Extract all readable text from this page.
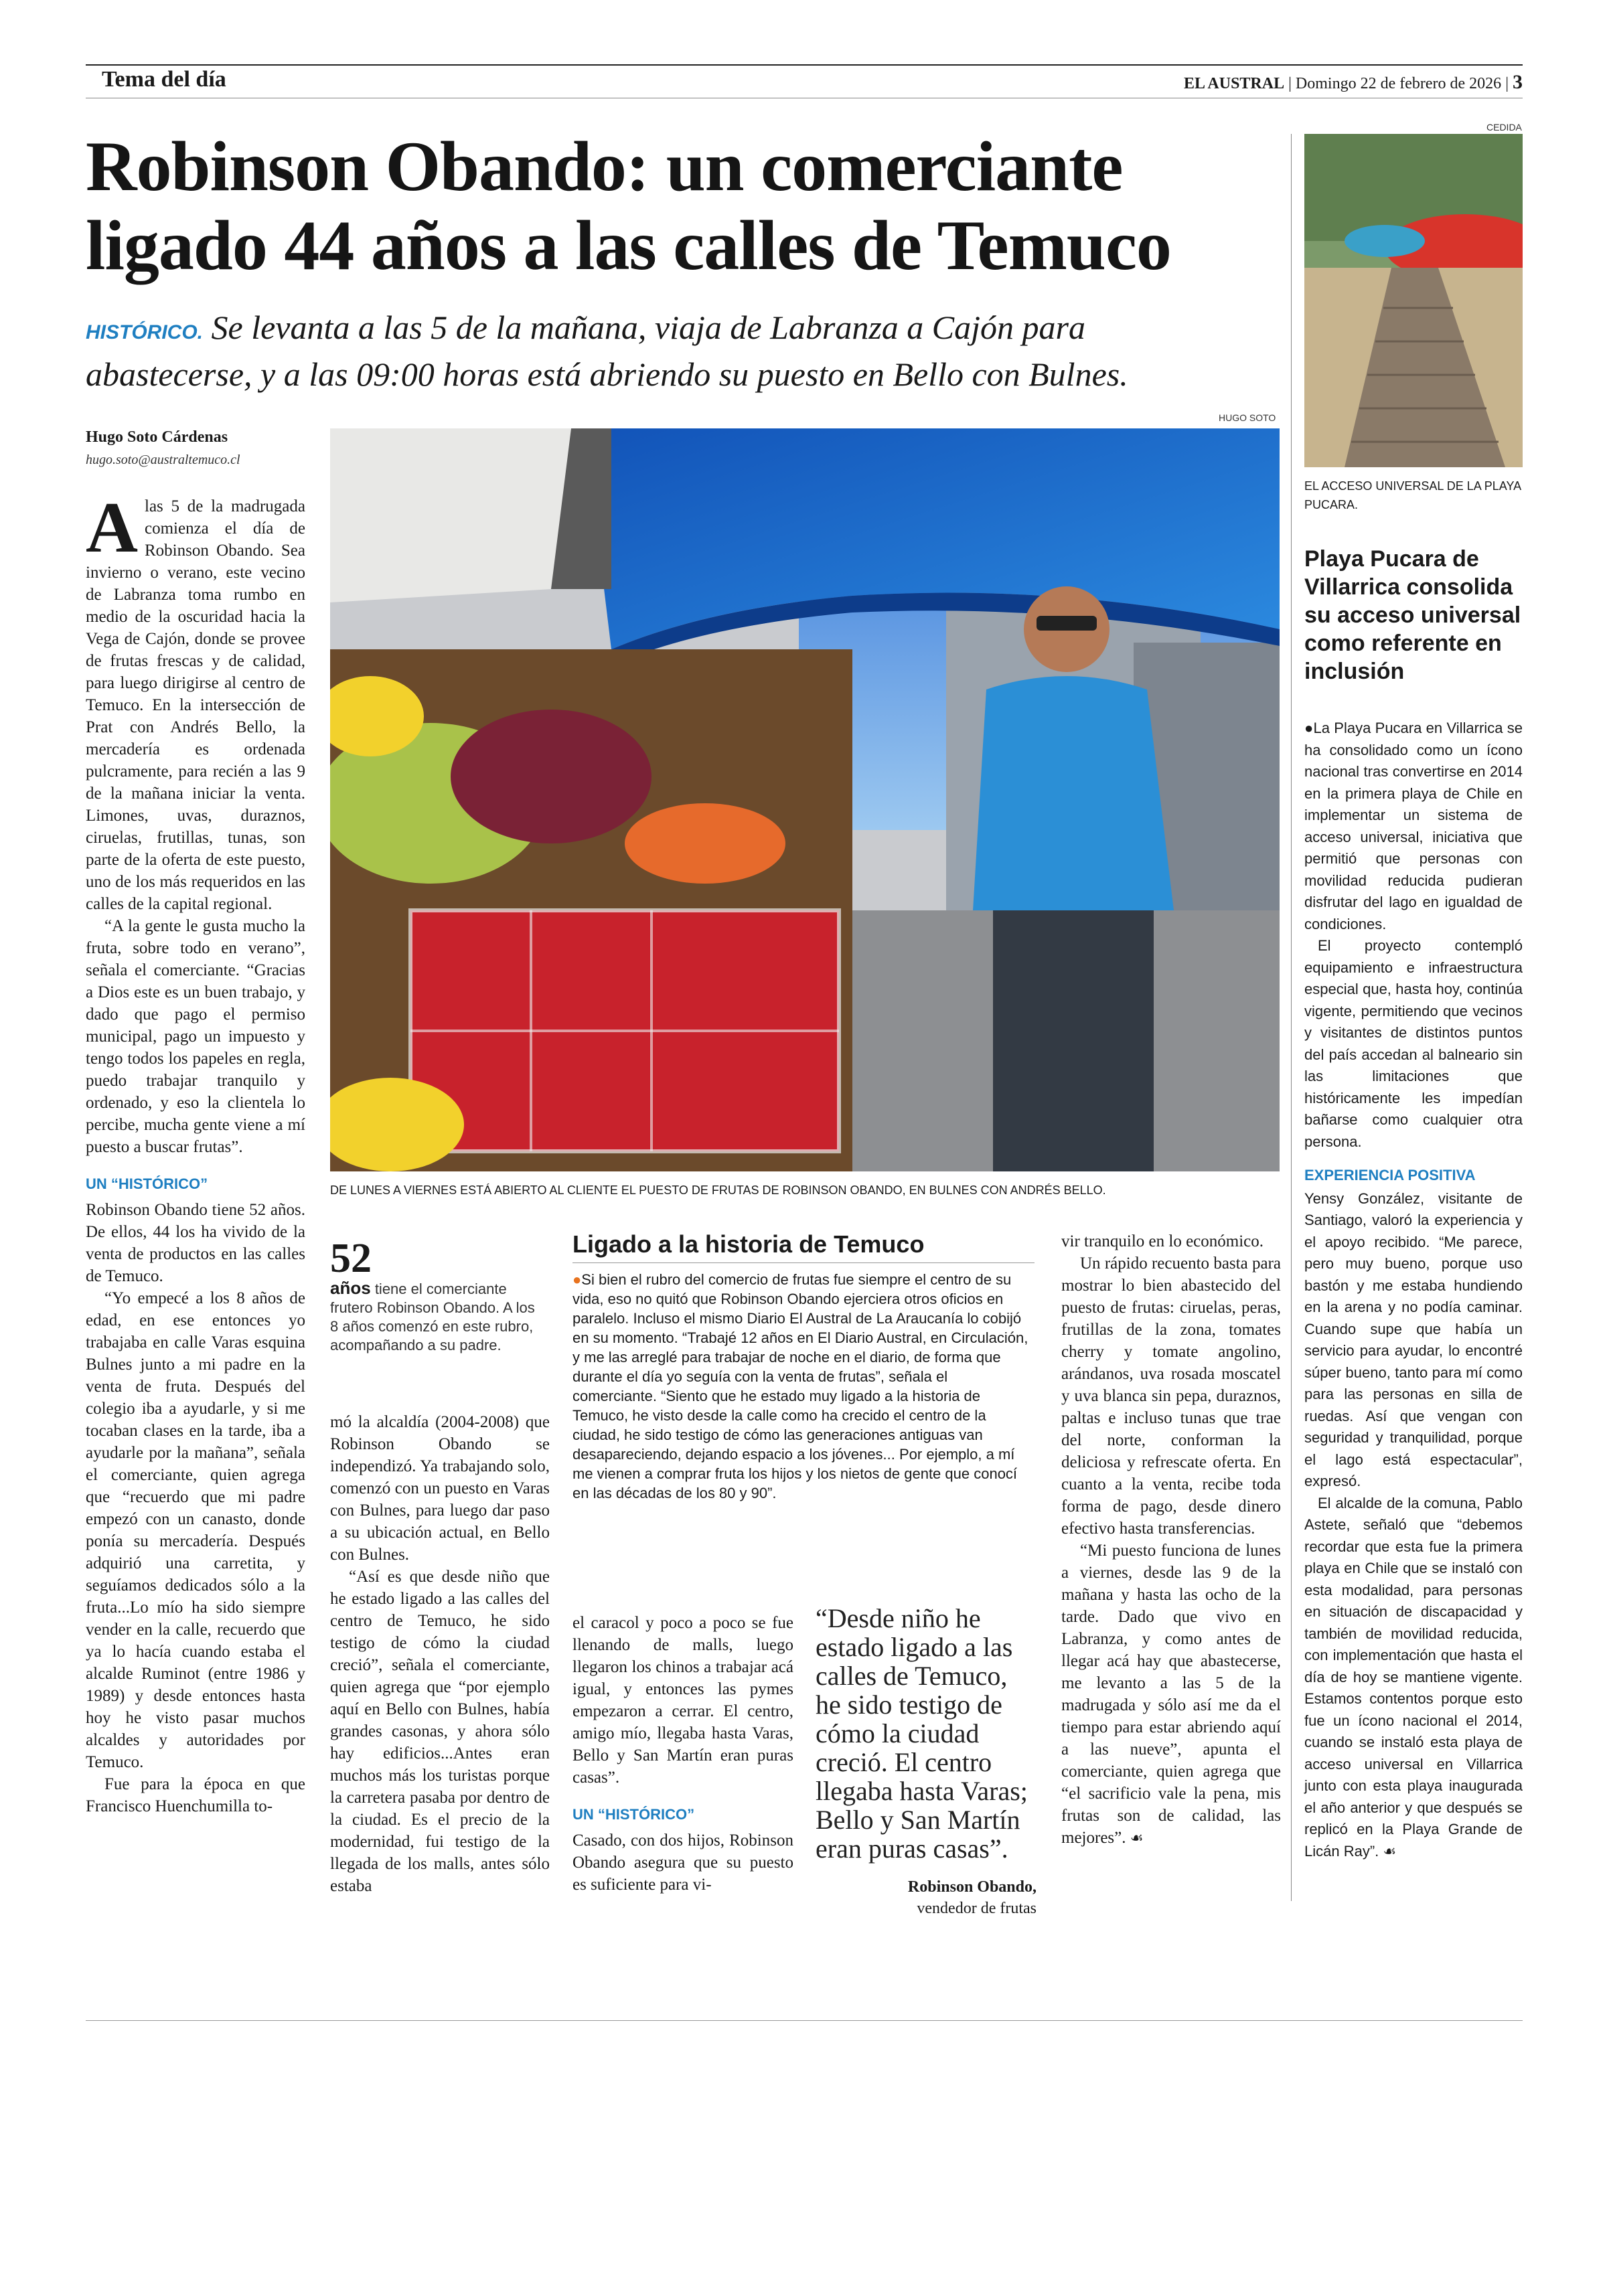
Tema del día	EL AUSTRAL | Domingo 22 de febrero de 2026 | 3
Robinson Obando: un comerciante
ligado 44 años a las calles de Temuco
HISTÓRICO. Se levanta a las 5 de la mañana, viaja de Labranza a Cajón para
abastecerse, y a las 09:00 horas está abriendo su puesto en Bello con Bulnes.
Hugo Soto Cárdenas
hugo.soto@australtemuco.cl
HUGO SOTO
DE LUNES A VIERNES ESTÁ ABIERTO AL CLIENTE EL PUESTO DE FRUTAS DE ROBINSON OBANDO, EN BULNES CON ANDRÉS BELLO.

Alas 5 de la madrugada comienza el día de Robinson Obando. Sea invierno o verano, este vecino de Labranza toma rumbo en medio de la oscuridad hacia la Vega de Cajón, donde se provee de frutas frescas y de calidad, para luego dirigirse al centro de Temuco. En la intersección de Prat con Andrés Bello, la mercadería es ordenada pulcramente, para recién a las 9 de la mañana iniciar la venta. Limones, uvas, duraznos, ciruelas, frutillas, tunas, son parte de la oferta de este puesto, uno de los más requeridos en las calles de la capital regional.

“A la gente le gusta mucho la fruta, sobre todo en verano”, señala el comerciante. “Gracias a Dios este es un buen trabajo, y dado que pago el permiso municipal, pago un impuesto y tengo todos los papeles en regla, puedo trabajar tranquilo y ordenado, y eso la clientela lo percibe, mucha gente viene a mí puesto a buscar frutas”.

UN “HISTÓRICO”

Robinson Obando tiene 52 años. De ellos, 44 los ha vivido de la venta de productos en las calles de Temuco.

“Yo empecé a los 8 años de edad, en ese entonces yo trabajaba en calle Varas esquina Bulnes junto a mi padre en la venta de fruta. Después del colegio iba a ayudarle, y si me tocaban clases en la tarde, iba a ayudarle por la mañana”, señala el comerciante, quien agrega que “recuerdo que mi padre empezó con un canasto, donde ponía su mercadería. Después adquirió una carretita, y seguíamos dedicados sólo a la fruta...Lo mío ha sido siempre vender en la calle, recuerdo que ya lo hacía cuando estaba el alcalde Ruminot (entre 1986 y 1989) y desde entonces hasta hoy he visto pasar muchos alcaldes y autoridades por Temuco.

Fue para la época en que Francisco Huenchumilla to-

52
años tiene el comerciante frutero Robinson Obando. A los 8 años comenzó en este rubro, acompañando a su padre.

mó la alcaldía (2004-2008) que Robinson Obando se independizó. Ya trabajando solo, comenzó con un puesto en Varas con Bulnes, para luego dar paso a su ubicación actual, en Bello con Bulnes.

“Así es que desde niño que he estado ligado a las calles del centro de Temuco, he sido testigo de cómo la ciudad creció”, señala el comerciante, quien agrega que “por ejemplo aquí en Bello con Bulnes, había grandes casonas, y ahora sólo hay edificios...Antes eran muchos más los turistas porque la carretera pasaba por dentro de la ciudad. Es el precio de la modernidad, fui testigo de la llegada de los malls, antes sólo estaba

Ligado a la historia de Temuco
●Si bien el rubro del comercio de frutas fue siempre el centro de su vida, eso no quitó que Robinson Obando ejerciera otros oficios en paralelo. Incluso el mismo Diario El Austral de La Araucanía lo cobijó en su momento. “Trabajé 12 años en El Diario Austral, en Circulación, y me las arreglé para trabajar de noche en el diario, de forma que durante el día yo seguía con la venta de frutas”, señala el comerciante. “Siento que he estado muy ligado a la historia de Temuco, he visto desde la calle como ha crecido el centro de la ciudad, he sido testigo de cómo las generaciones antiguas van desapareciendo, dejando espacio a los jóvenes... Por ejemplo, a mí me vienen a comprar fruta los hijos y los nietos de gente que conocí en las décadas de los 80 y 90”.

el caracol y poco a poco se fue llenando de malls, luego llegaron los chinos a trabajar acá igual, y entonces las pymes empezaron a cerrar. El centro, amigo mío, llegaba hasta Varas, Bello y San Martín eran puras casas”.

UN “HISTÓRICO”

Casado, con dos hijos, Robinson Obando asegura que su puesto es suficiente para vi-

“Desde niño he estado ligado a las calles de Temuco, he sido testigo de cómo la ciudad creció. El centro llegaba hasta Varas; Bello y San Martín eran puras casas”.
Robinson Obando,
vendedor de frutas

vir tranquilo en lo económico.

Un rápido recuento basta para mostrar lo bien abastecido del puesto de frutas: ciruelas, peras, frutillas de la zona, tomates cherry y tomate angolino, arándanos, uva rosada moscatel y uva blanca sin pepa, duraznos, paltas e incluso tunas que trae del norte, conforman la deliciosa y refrescate oferta. En cuanto a la venta, recibe toda forma de pago, desde dinero efectivo hasta transferencias.

“Mi puesto funciona de lunes a viernes, desde las 9 de la mañana y hasta las ocho de la tarde. Dado que vivo en Labranza, y como antes de llegar acá hay que abastecerse, me levanto a las 5 de la madrugada y sólo así me da el tiempo para estar abriendo aquí a las nueve”, apunta el comerciante, quien agrega que “el sacrificio vale la pena, mis frutas son de calidad, las mejores”. ☙

CEDIDA
EL ACCESO UNIVERSAL DE LA PLAYA PUCARA.
Playa Pucara de Villarrica consolida su acceso universal como referente en inclusión

●La Playa Pucara en Villarrica se ha consolidado como un ícono nacional tras convertirse en 2014 en la primera playa de Chile en implementar un sistema de acceso universal, iniciativa que permitió que personas con movilidad reducida pudieran disfrutar del lago en igualdad de condiciones.

El proyecto contempló equipamiento e infraestructura especial que, hasta hoy, continúa vigente, permitiendo que vecinos y visitantes de distintos puntos del país accedan al balneario sin las limitaciones que históricamente les impedían bañarse como cualquier otra persona.

EXPERIENCIA POSITIVA

Yensy González, visitante de Santiago, valoró la experiencia y el apoyo recibido. “Me parece, pero muy bueno, porque uso bastón y me estaba hundiendo en la arena y no podía caminar. Cuando supe que había un servicio para ayudar, lo encontré súper bueno, tanto para mí como para las personas en silla de ruedas. Así que vengan con seguridad y tranquilidad, porque el lago está espectacular”, expresó.

El alcalde de la comuna, Pablo Astete, señaló que “debemos recordar que esta fue la primera playa en Chile que se instaló con esta modalidad, para personas en situación de discapacidad y también de movilidad reducida, con implementación que hasta el día de hoy se mantiene vigente. Estamos contentos porque esto fue un ícono nacional el 2014, cuando se instaló esta playa de acceso universal en Villarrica junto con esta playa inaugurada el año anterior y que después se replicó en la Playa Grande de Licán Ray”. ☙
